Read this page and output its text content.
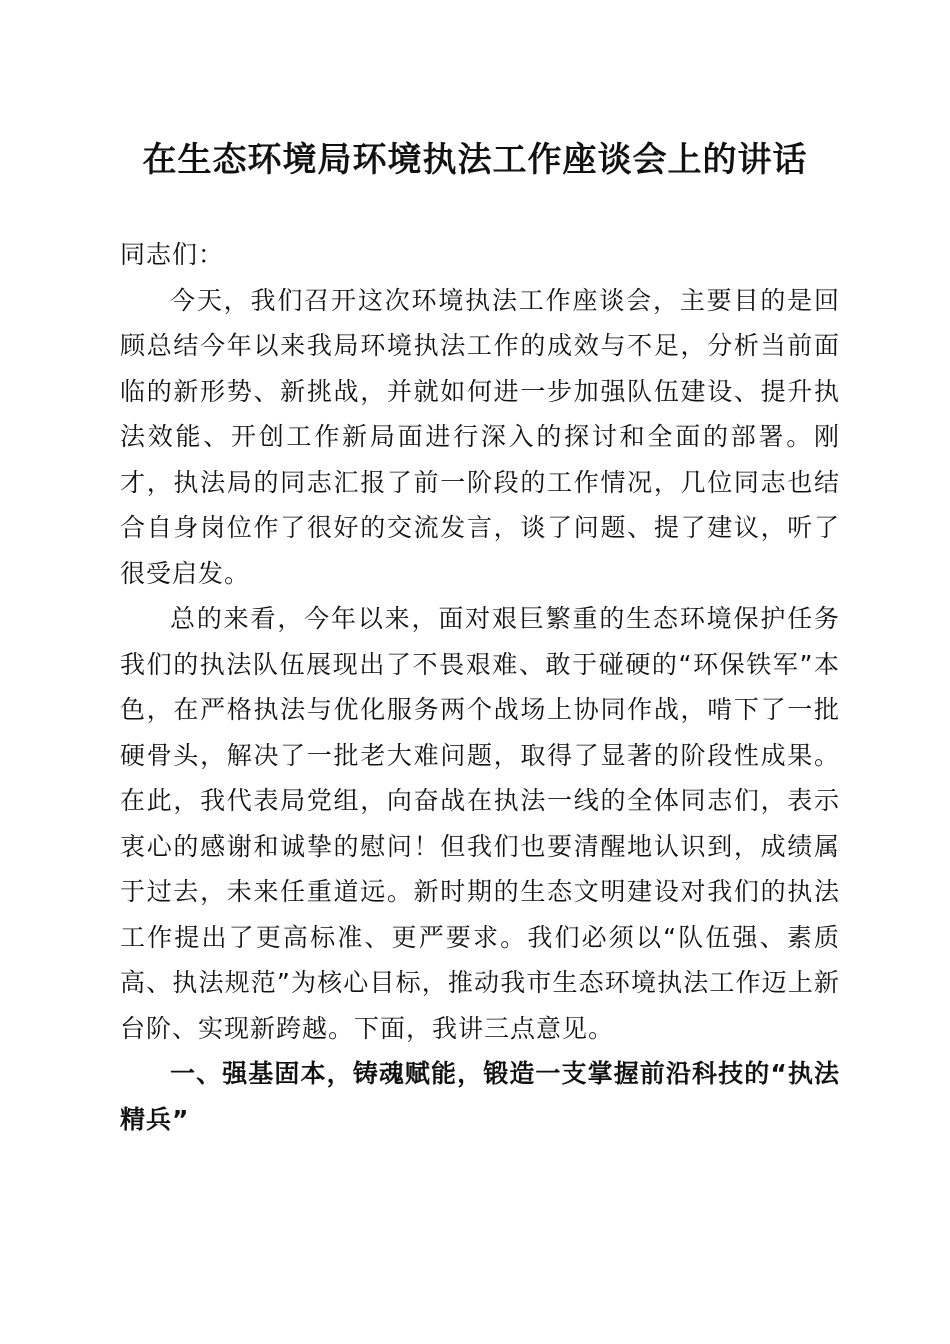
在生态环境局环境执法工作座谈会上的讲话

同志们：

今天，我们召开这次环境执法工作座谈会，主要目的是回顾总结今年以来我局环境执法工作的成效与不足，分析当前面临的新形势、新挑战，并就如何进一步加强队伍建设、提升执法效能、开创工作新局面进行深入的探讨和全面的部署。刚才，执法局的同志汇报了前一阶段的工作情况，几位同志也结合自身岗位作了很好的交流发言，谈了问题、提了建议，听了很受启发。

总的来看，今年以来，面对艰巨繁重的生态环境保护任务我们的执法队伍展现出了不畏艰难、敢于碰硬的“环保铁军”本色，在严格执法与优化服务两个战场上协同作战，啃下了一批硬骨头，解决了一批老大难问题，取得了显著的阶段性成果。在此，我代表局党组，向奋战在执法一线的全体同志们，表示衷心的感谢和诚挚的慰问！但我们也要清醒地认识到，成绩属于过去，未来任重道远。新时期的生态文明建设对我们的执法工作提出了更高标准、更严要求。我们必须以“队伍强、素质高、执法规范”为核心目标，推动我市生态环境执法工作迈上新台阶、实现新跨越。下面，我讲三点意见。

一、强基固本，铸魂赋能，锻造一支掌握前沿科技的“执法精兵”
